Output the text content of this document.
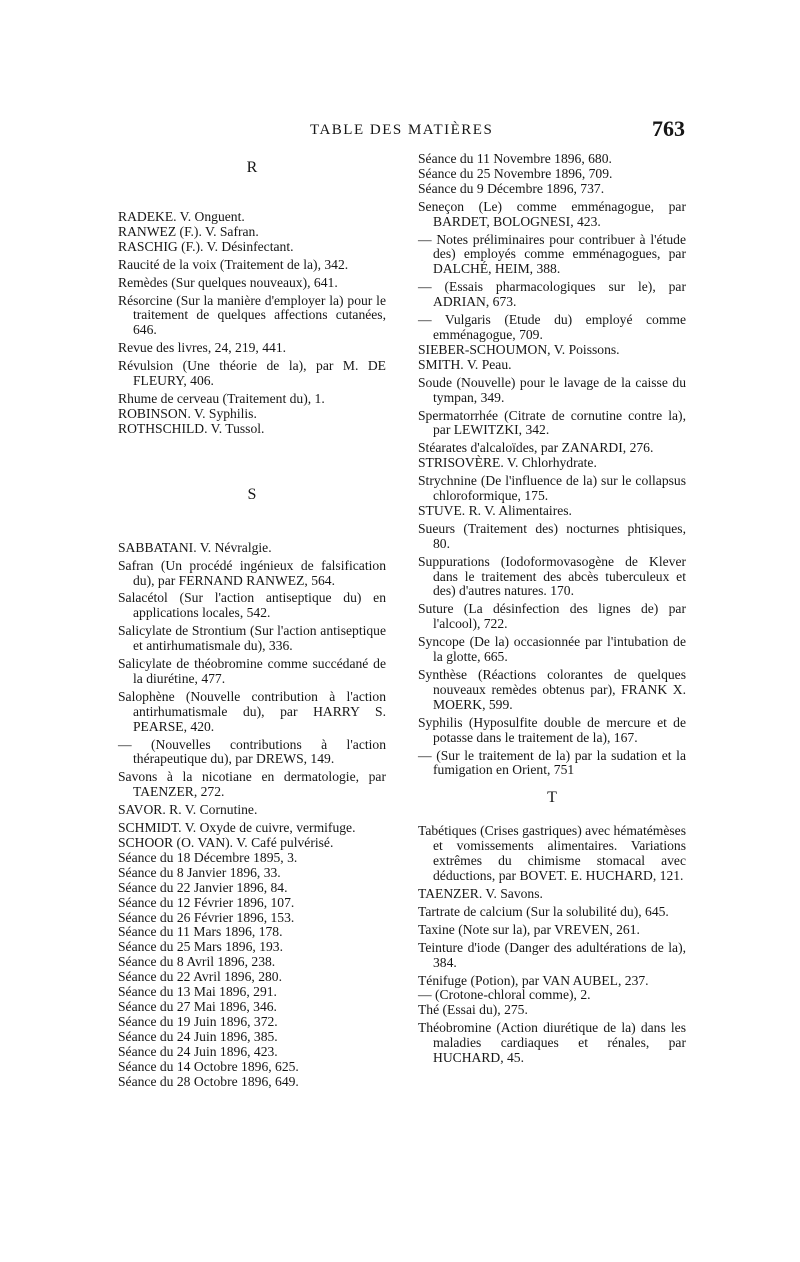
TABLE DES MATIÈRES	763
R
RADEKE. V. Onguent.
RANWEZ (F.). V. Safran.
RASCHIG (F.). V. Désinfectant.
Raucité de la voix (Traitement de la), 342.
Remèdes (Sur quelques nouveaux), 641.
Résorcine (Sur la manière d'employer la) pour le traitement de quelques affections cutanées, 646.
Revue des livres, 24, 219, 441.
Révulsion (Une théorie de la), par M. DE FLEURY, 406.
Rhume de cerveau (Traitement du), 1.
ROBINSON. V. Syphilis.
ROTHSCHILD. V. Tussol.
S
SABBATANI. V. Névralgie.
Safran (Un procédé ingénieux de falsification du), par FERNAND RANWEZ, 564.
Salacétol (Sur l'action antiseptique du) en applications locales, 542.
Salicylate de Strontium (Sur l'action antiseptique et antirhumatismale du), 336.
Salicylate de théobromine comme succédané de la diurétine, 477.
Salophène (Nouvelle contribution à l'action antirhumatismale du), par HARRY S. PEARSE, 420.
— (Nouvelles contributions à l'action thérapeutique du), par DREWS, 149.
Savons à la nicotiane en dermatologie, par TAENZER, 272.
SAVOR. R. V. Cornutine.
SCHMIDT. V. Oxyde de cuivre, vermifuge.
SCHOOR (O. VAN). V. Café pulvérisé.
Séance du 18 Décembre 1895, 3.
Séance du 8 Janvier 1896, 33.
Séance du 22 Janvier 1896, 84.
Séance du 12 Février 1896, 107.
Séance du 26 Février 1896, 153.
Séance du 11 Mars 1896, 178.
Séance du 25 Mars 1896, 193.
Séance du 8 Avril 1896, 238.
Séance du 22 Avril 1896, 280.
Séance du 13 Mai 1896, 291.
Séance du 27 Mai 1896, 346.
Séance du 19 Juin 1896, 372.
Séance du 24 Juin 1896, 385.
Séance du 24 Juin 1896, 423.
Séance du 14 Octobre 1896, 625.
Séance du 28 Octobre 1896, 649.
Séance du 11 Novembre 1896, 680.
Séance du 25 Novembre 1896, 709.
Séance du 9 Décembre 1896, 737.
Seneçon (Le) comme emménagogue, par BARDET, BOLOGNESI, 423.
— Notes préliminaires pour contribuer à l'étude des) employés comme emménagogues, par DALCHÉ, HEIM, 388.
— (Essais pharmacologiques sur le), par ADRIAN, 673.
— Vulgaris (Etude du) employé comme emménagogue, 709.
SIEBER-SCHOUMON, V. Poissons.
SMITH. V. Peau.
Soude (Nouvelle) pour le lavage de la caisse du tympan, 349.
Spermatorrhée (Citrate de cornutine contre la), par LEWITZKI, 342.
Stéarates d'alcaloïdes, par ZANARDI, 276.
STRISOVÈRE. V. Chlorhydrate.
Strychnine (De l'influence de la) sur le collapsus chloroformique, 175.
STUVE. R. V. Alimentaires.
Sueurs (Traitement des) nocturnes phtisiques, 80.
Suppurations (Iodoformovasogène de Klever dans le traitement des abcès tuberculeux et des) d'autres natures. 170.
Suture (La désinfection des lignes de) par l'alcool), 722.
Syncope (De la) occasionnée par l'intubation de la glotte, 665.
Synthèse (Réactions colorantes de quelques nouveaux remèdes obtenus par), FRANK X. MOERK, 599.
Syphilis (Hyposulfite double de mercure et de potasse dans le traitement de la), 167.
— (Sur le traitement de la) par la sudation et la fumigation en Orient, 751
T
Tabétiques (Crises gastriques) avec hématémèses et vomissements alimentaires. Variations extrêmes du chimisme stomacal avec déductions, par BOVET. E. HUCHARD, 121.
TAENZER. V. Savons.
Tartrate de calcium (Sur la solubilité du), 645.
Taxine (Note sur la), par VREVEN, 261.
Teinture d'iode (Danger des adultérations de la), 384.
Ténifuge (Potion), par VAN AUBEL, 237.
— (Crotone-chloral comme), 2.
Thé (Essai du), 275.
Théobromine (Action diurétique de la) dans les maladies cardiaques et rénales, par HUCHARD, 45.
